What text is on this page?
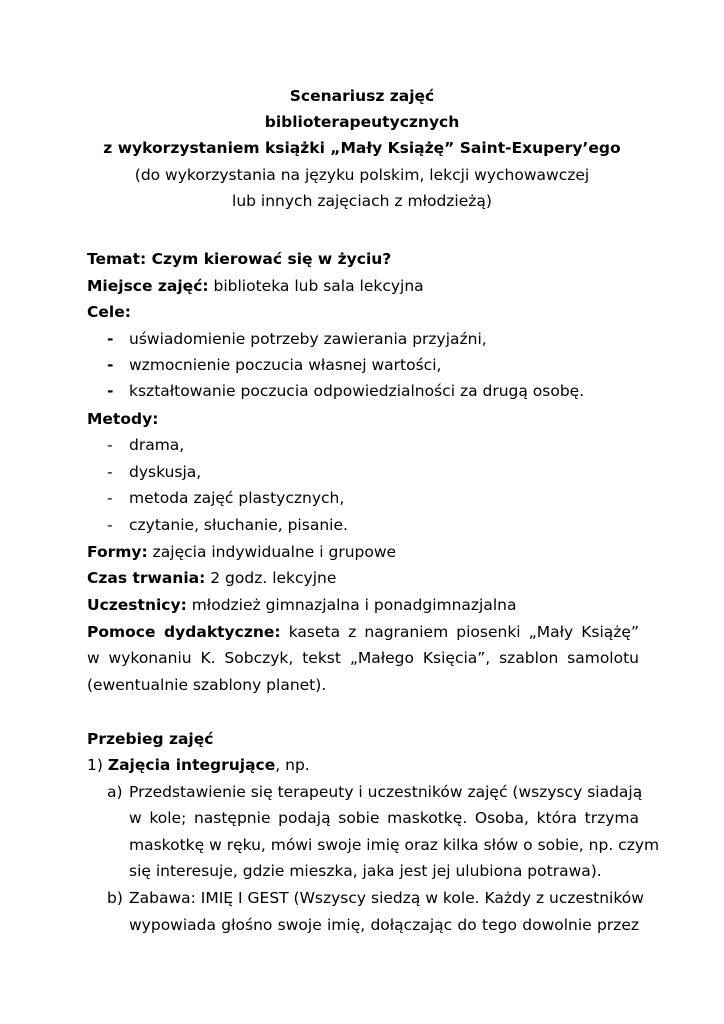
Scenariusz zajęć
biblioterapeutycznych
z wykorzystaniem książki „Mały Książę” Saint-Exupery’ego
(do wykorzystania na języku polskim, lekcji wychowawczej
lub innych zajęciach z młodzieżą)
Temat: Czym kierować się w życiu?
Miejsce zajęć: biblioteka lub sala lekcyjna
Cele:
- uświadomienie potrzeby zawierania przyjaźni,
- wzmocnienie poczucia własnej wartości,
- kształtowanie poczucia odpowiedzialności za drugą osobę.
Metody:
- drama,
- dyskusja,
- metoda zajęć plastycznych,
- czytanie, słuchanie, pisanie.
Formy: zajęcia indywidualne i grupowe
Czas trwania: 2 godz. lekcyjne
Uczestnicy: młodzież gimnazjalna i ponadgimnazjalna
Pomoce dydaktyczne: kaseta z nagraniem piosenki „Mały Książę”
w wykonaniu K. Sobczyk, tekst „Małego Księcia”, szablon samolotu
(ewentualnie szablony planet).
Przebieg zajęć
1) Zajęcia integrujące, np.
a) Przedstawienie się terapeuty i uczestników zajęć (wszyscy siadają
w kole; następnie podają sobie maskotkę. Osoba, która trzyma
maskotkę w ręku, mówi swoje imię oraz kilka słów o sobie, np. czym
się interesuje, gdzie mieszka, jaka jest jej ulubiona potrawa).
b) Zabawa: IMIĘ I GEST (Wszyscy siedzą w kole. Każdy z uczestników
wypowiada głośno swoje imię, dołączając do tego dowolnie przez
